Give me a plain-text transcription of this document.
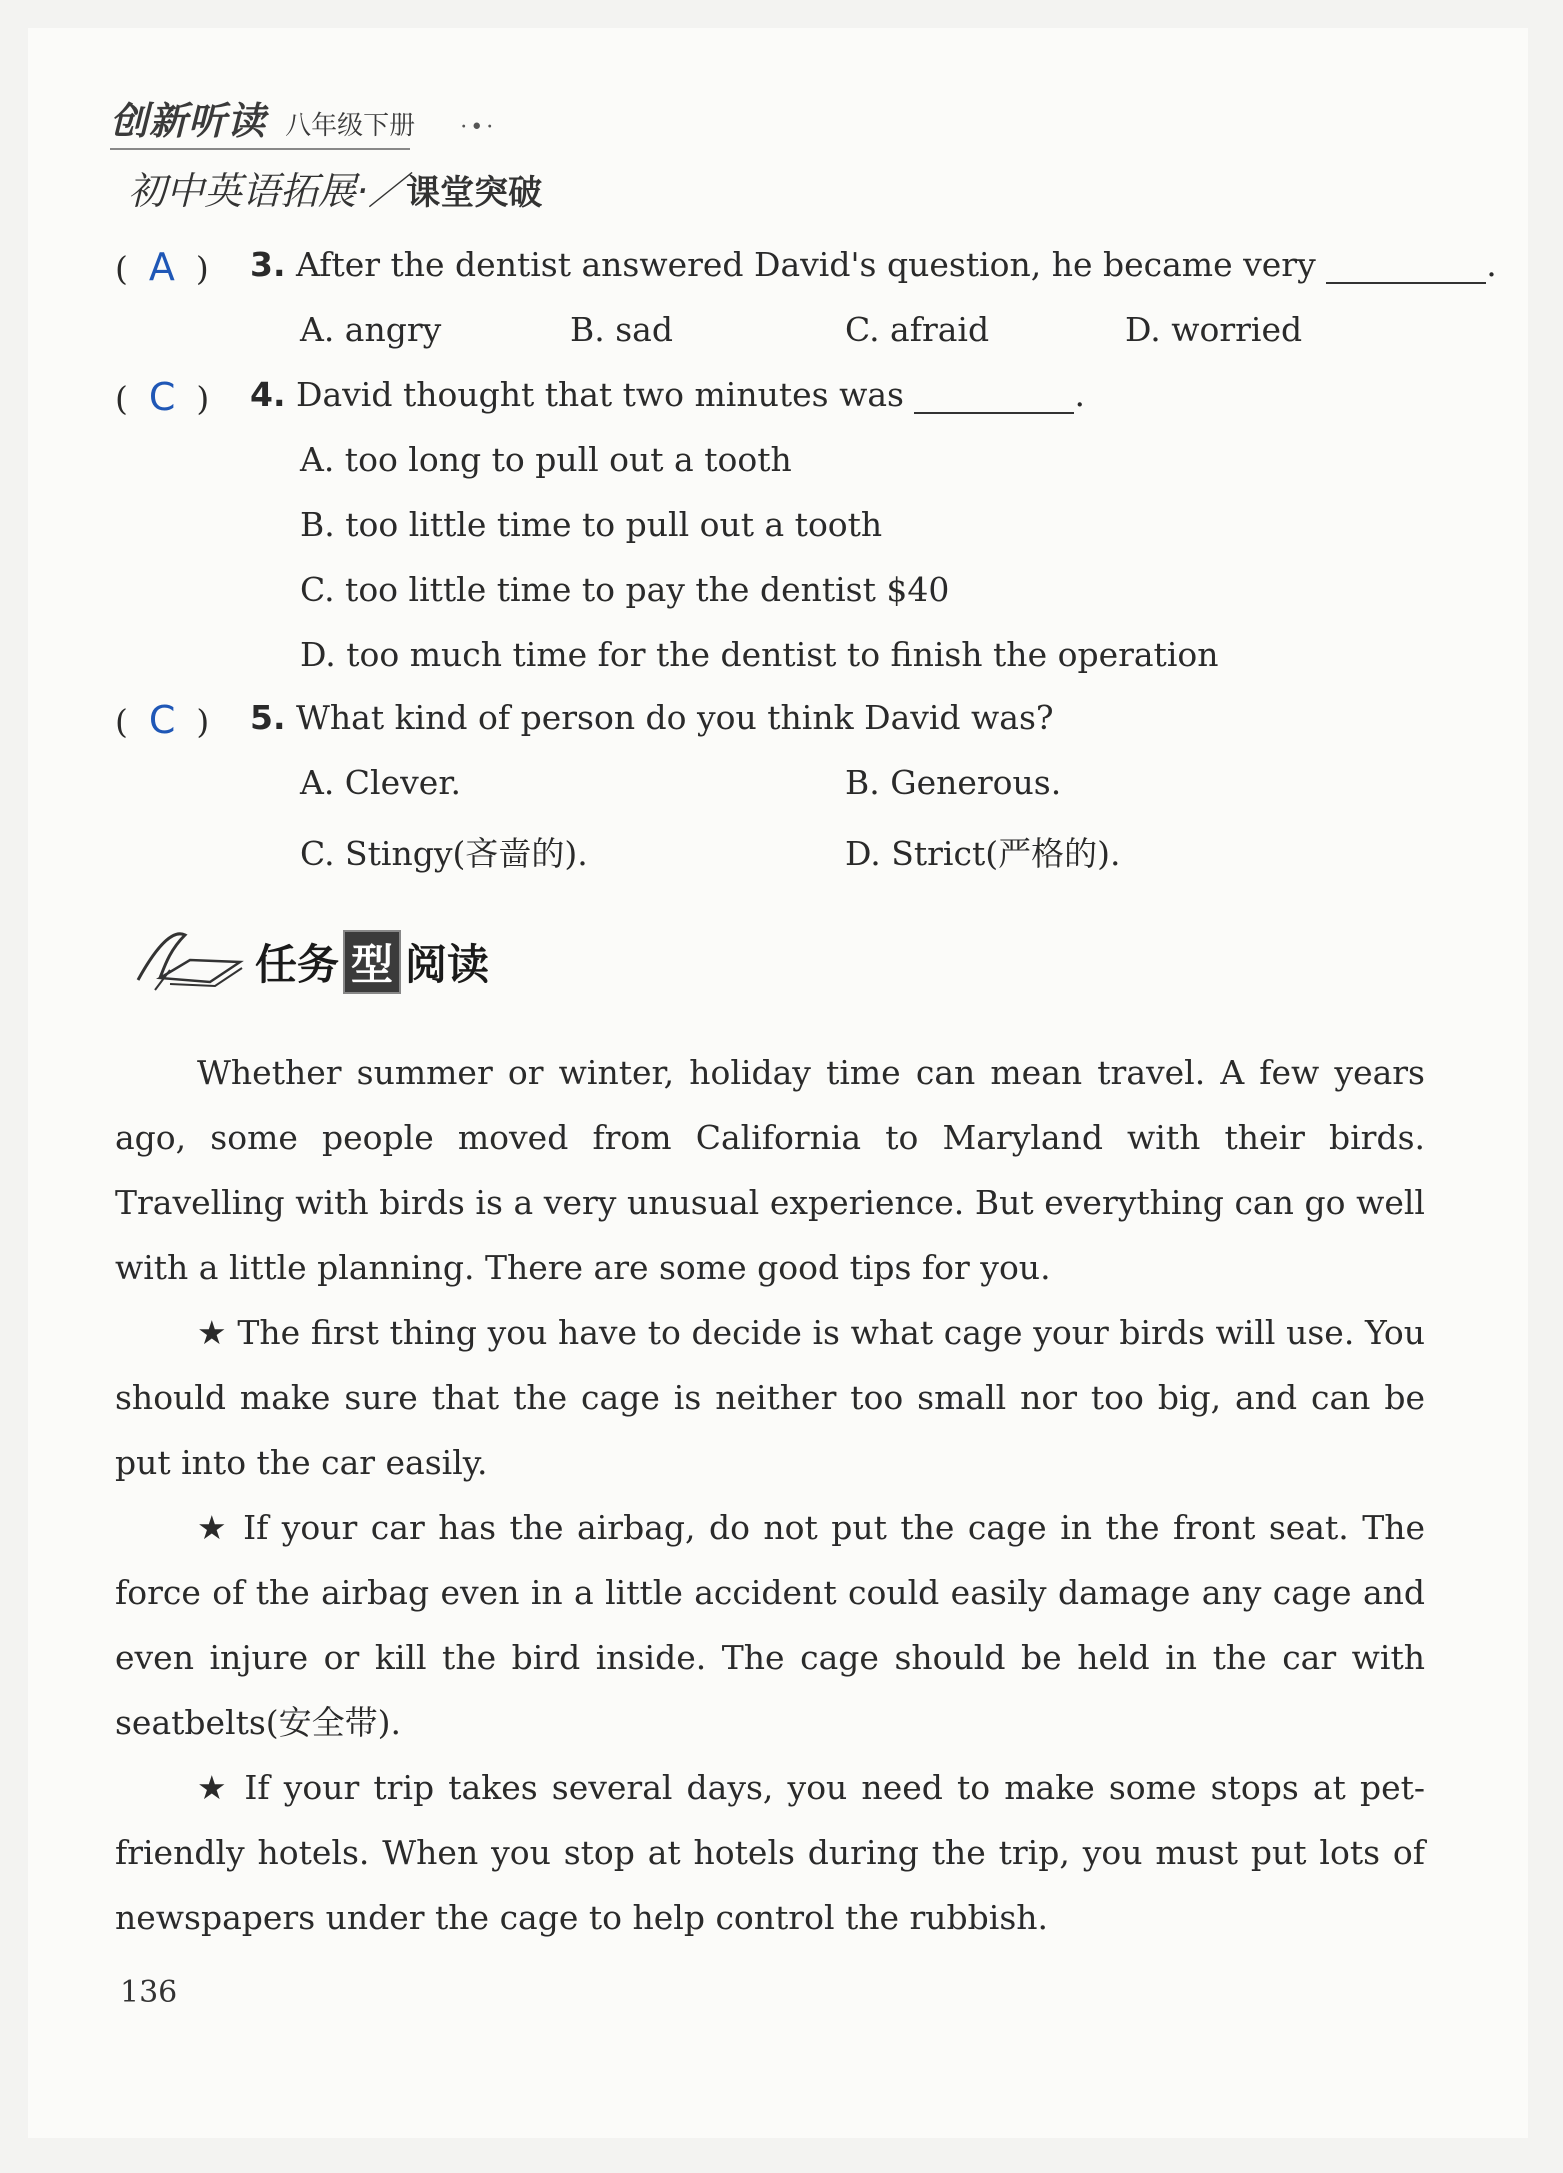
创新听读 八年级下册 ·•·
初中英语拓展·／课堂突破
(  A  ) 3. After the dentist answered David's question, he became very	.
A. angry	B. sad	C. afraid	D. worried
(  C  ) 4. David thought that two minutes was	.
A. too long to pull out a tooth
B. too little time to pull out a tooth
C. too little time to pay the dentist $40
D. too much time for the dentist to finish the operation
(  C  ) 5. What kind of person do you think David was?
A. Clever.	B. Generous.
C. Stingy(吝啬的).	D. Strict(严格的).
任务 型 阅读

Whether summer or winter, holiday time can mean travel. A few years ago, some people moved from California to Maryland with their birds. Travelling with birds is a very unusual experience. But everything can go well with a little planning. There are some good tips for you.

★ The first thing you have to decide is what cage your birds will use. You should make sure that the cage is neither too small nor too big, and can be put into the car easily.

★ If your car has the airbag, do not put the cage in the front seat. The force of the airbag even in a little accident could easily damage any cage and even injure or kill the bird inside. The cage should be held in the car with seatbelts(安全带).

★ If your trip takes several days, you need to make some stops at pet-friendly hotels. When you stop at hotels during the trip, you must put lots of newspapers under the cage to help control the rubbish.

136
